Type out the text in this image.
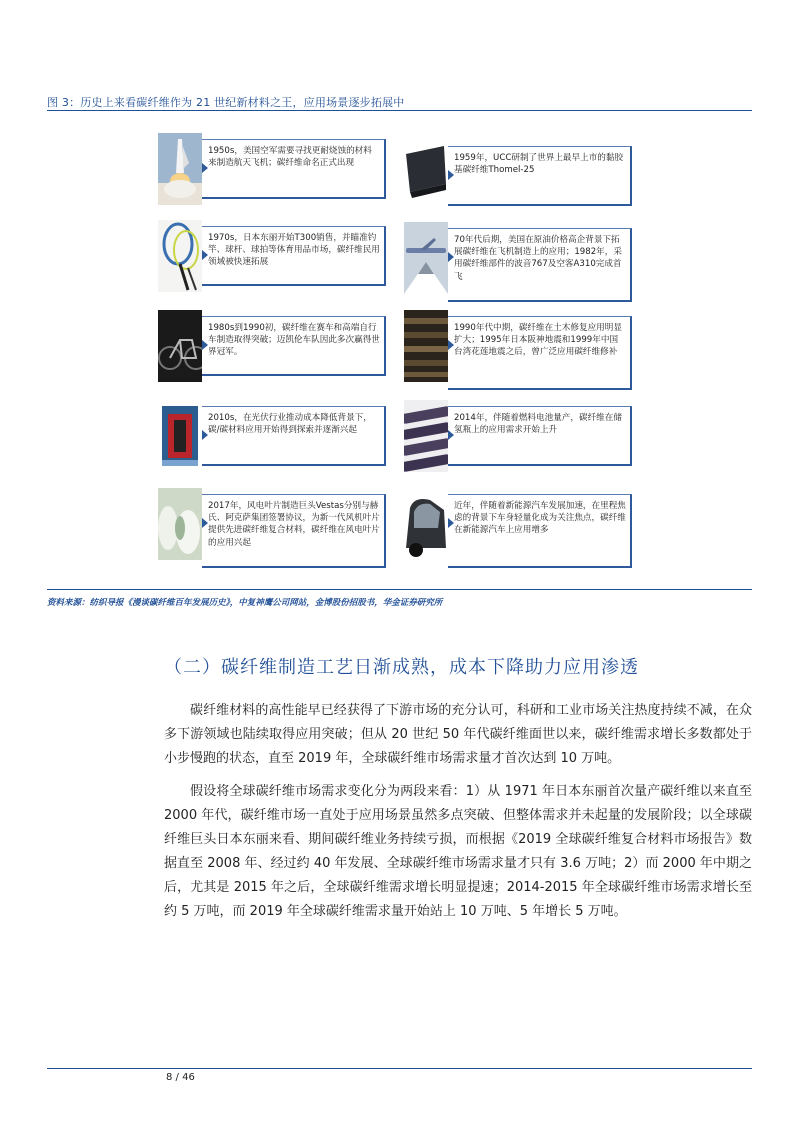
图 3：历史上来看碳纤维作为 21 世纪新材料之王，应用场景逐步拓展中
1950s，美国空军需要寻找更耐烧蚀的材料来制造航天飞机；碳纤维命名正式出现
1970s，日本东丽开始T300销售，并瞄准钓竿、球杆、球拍等体育用品市场，碳纤维民用领域被快速拓展
1980s到1990初，碳纤维在赛车和高端自行车制造取得突破；迈凯伦车队因此多次赢得世界冠军。
2010s，在光伏行业推动成本降低背景下，碳/碳材料应用开始得到探索并逐渐兴起
2017年，风电叶片制造巨头Vestas分别与赫氏、阿克萨集团签署协议，为新一代风机叶片提供先进碳纤维复合材料，碳纤维在风电叶片的应用兴起
1959年，UCC研制了世界上最早上市的黏胶基碳纤维Thomel-25
70年代后期，美国在原油价格高企背景下拓展碳纤维在飞机制造上的应用；1982年，采用碳纤维部件的波音767及空客A310完成首飞
1990年代中期，碳纤维在土木修复应用明显扩大；1995年日本阪神地震和1999年中国台湾花莲地震之后，曾广泛应用碳纤维修补
2014年，伴随着燃料电池量产，碳纤维在储氢瓶上的应用需求开始上升
近年，伴随着新能源汽车发展加速，在里程焦虑的背景下车身轻量化成为关注焦点，碳纤维在新能源汽车上应用增多
资料来源：纺织导报《漫谈碳纤维百年发展历史》，中复神鹰公司网站，金博股份招股书，华金证券研究所
（二）碳纤维制造工艺日渐成熟，成本下降助力应用渗透

碳纤维材料的高性能早已经获得了下游市场的充分认可，科研和工业市场关注热度持续不减，在众多下游领域也陆续取得应用突破；但从 20 世纪 50 年代碳纤维面世以来，碳纤维需求增长多数都处于小步慢跑的状态，直至 2019 年，全球碳纤维市场需求量才首次达到 10 万吨。

假设将全球碳纤维市场需求变化分为两段来看：1）从 1971 年日本东丽首次量产碳纤维以来直至 2000 年代，碳纤维市场一直处于应用场景虽然多点突破、但整体需求并未起量的发展阶段；以全球碳纤维巨头日本东丽来看、期间碳纤维业务持续亏损，而根据《2019 全球碳纤维复合材料市场报告》数据直至 2008 年、经过约 40 年发展、全球碳纤维市场需求量才只有 3.6 万吨；2）而 2000 年中期之后，尤其是 2015 年之后，全球碳纤维需求增长明显提速；2014-2015 年全球碳纤维市场需求增长至约 5 万吨，而 2019 年全球碳纤维需求量开始站上 10 万吨、5 年增长 5 万吨。

8 / 46
